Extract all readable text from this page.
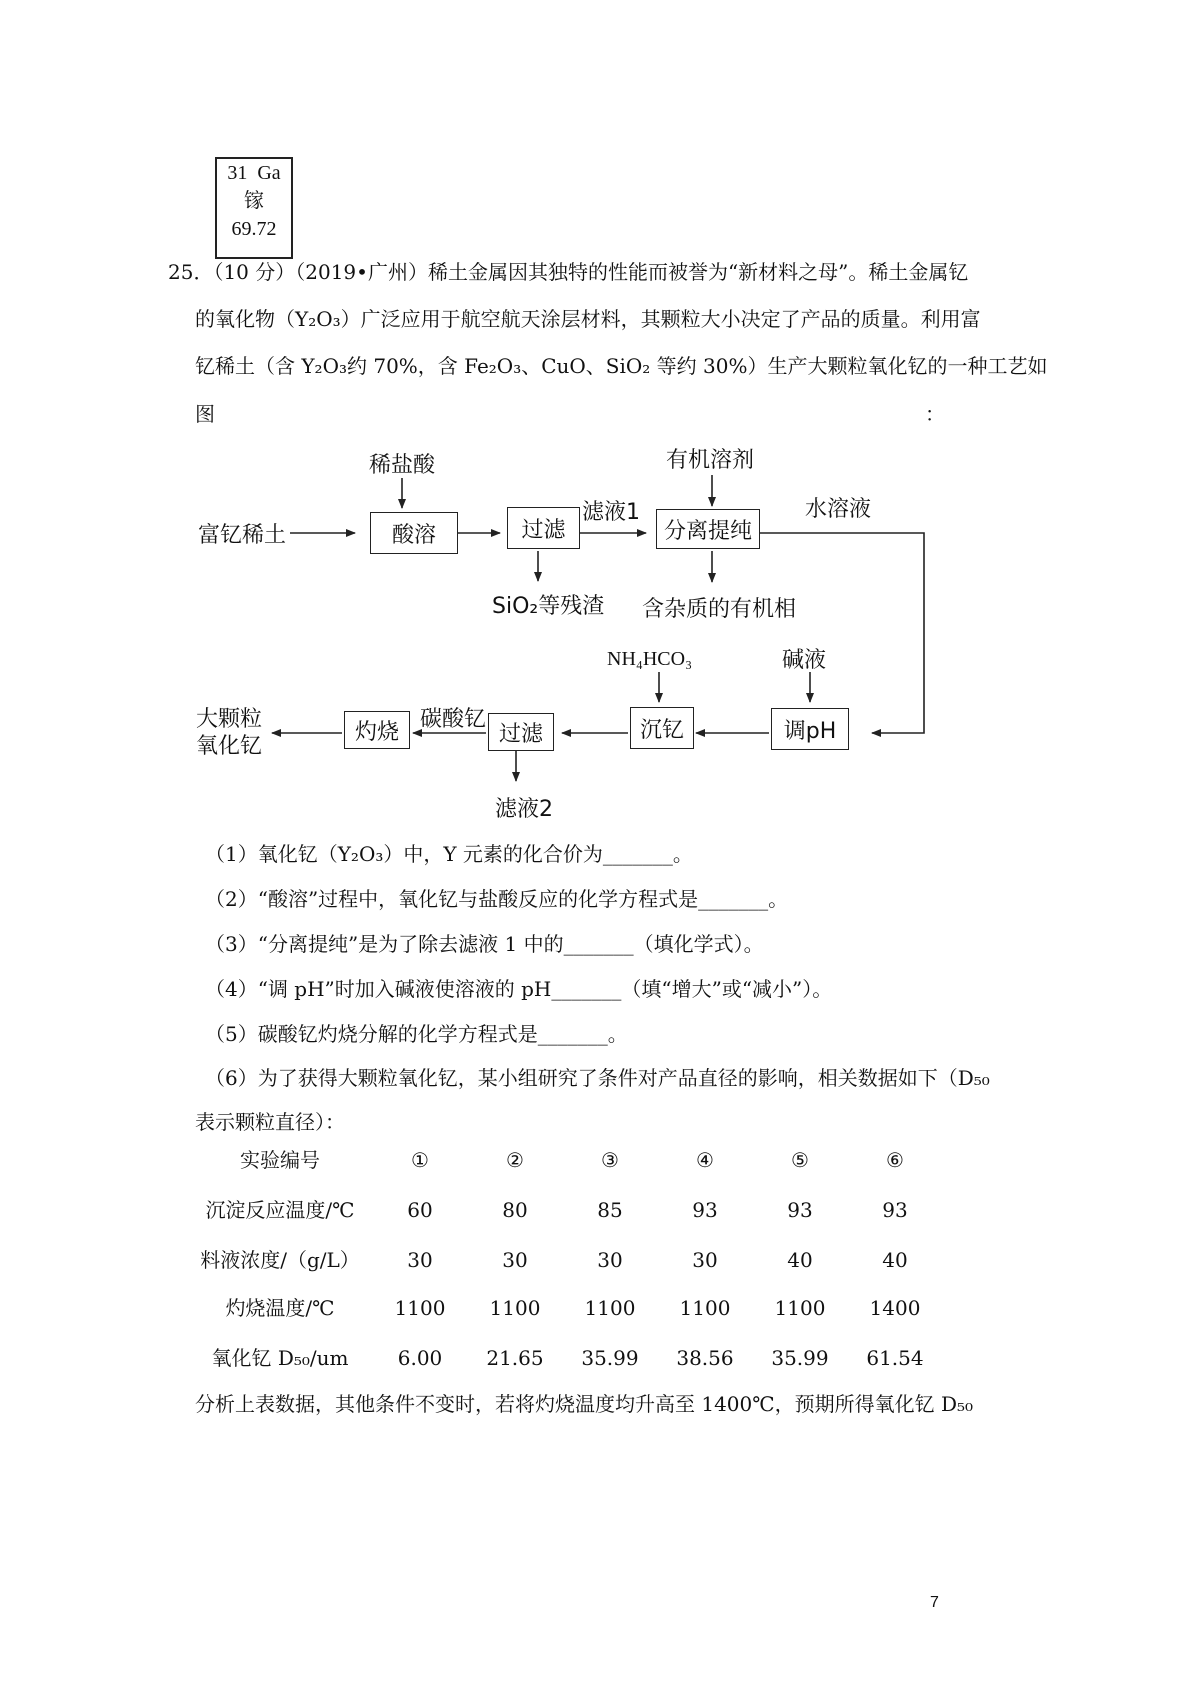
31 Ga
镓
69.72
25．（10 分）（2019•广州）稀土金属因其独特的性能而被誉为“新材料之母”。稀土金属钇
的氧化物（Y₂O₃）广泛应用于航空航天涂层材料，其颗粒大小决定了产品的质量。利用富
钇稀土（含 Y₂O₃约 70%，含 Fe₂O₃、CuO、SiO₂ 等约 30%）生产大颗粒氧化钇的一种工艺如
图	：
富钇稀土
稀盐酸
酸溶	过滤
滤液1
SiO₂等残渣
有机溶剂
分离提纯
含杂质的有机相
水溶液
碱液
调pH
NH₄HCO₃
沉钇
过滤
滤液2
碳酸钇
灼烧
大颗粒
氧化钇
（1）氧化钇（Y₂O₃）中，Y 元素的化合价为_______。
（2）“酸溶”过程中，氧化钇与盐酸反应的化学方程式是_______。
（3）“分离提纯”是为了除去滤液 1 中的_______（填化学式）。
（4）“调 pH”时加入碱液使溶液的 pH_______（填“增大”或“减小”）。
（5）碳酸钇灼烧分解的化学方程式是_______。
（6）为了获得大颗粒氧化钇，某小组研究了条件对产品直径的影响，相关数据如下（D₅₀
表示颗粒直径）：
实验编号	①	②	③	④	⑤	⑥
沉淀反应温度/℃	60	80	85	93	93	93
料液浓度/（g/L）	30	30	30	30	40	40
灼烧温度/℃	1100	1100	1100	1100	1100	1400
氧化钇 D₅₀/um	6.00	21.65	35.99	38.56	35.99	61.54
分析上表数据，其他条件不变时，若将灼烧温度均升高至 1400℃，预期所得氧化钇 D₅₀
7
